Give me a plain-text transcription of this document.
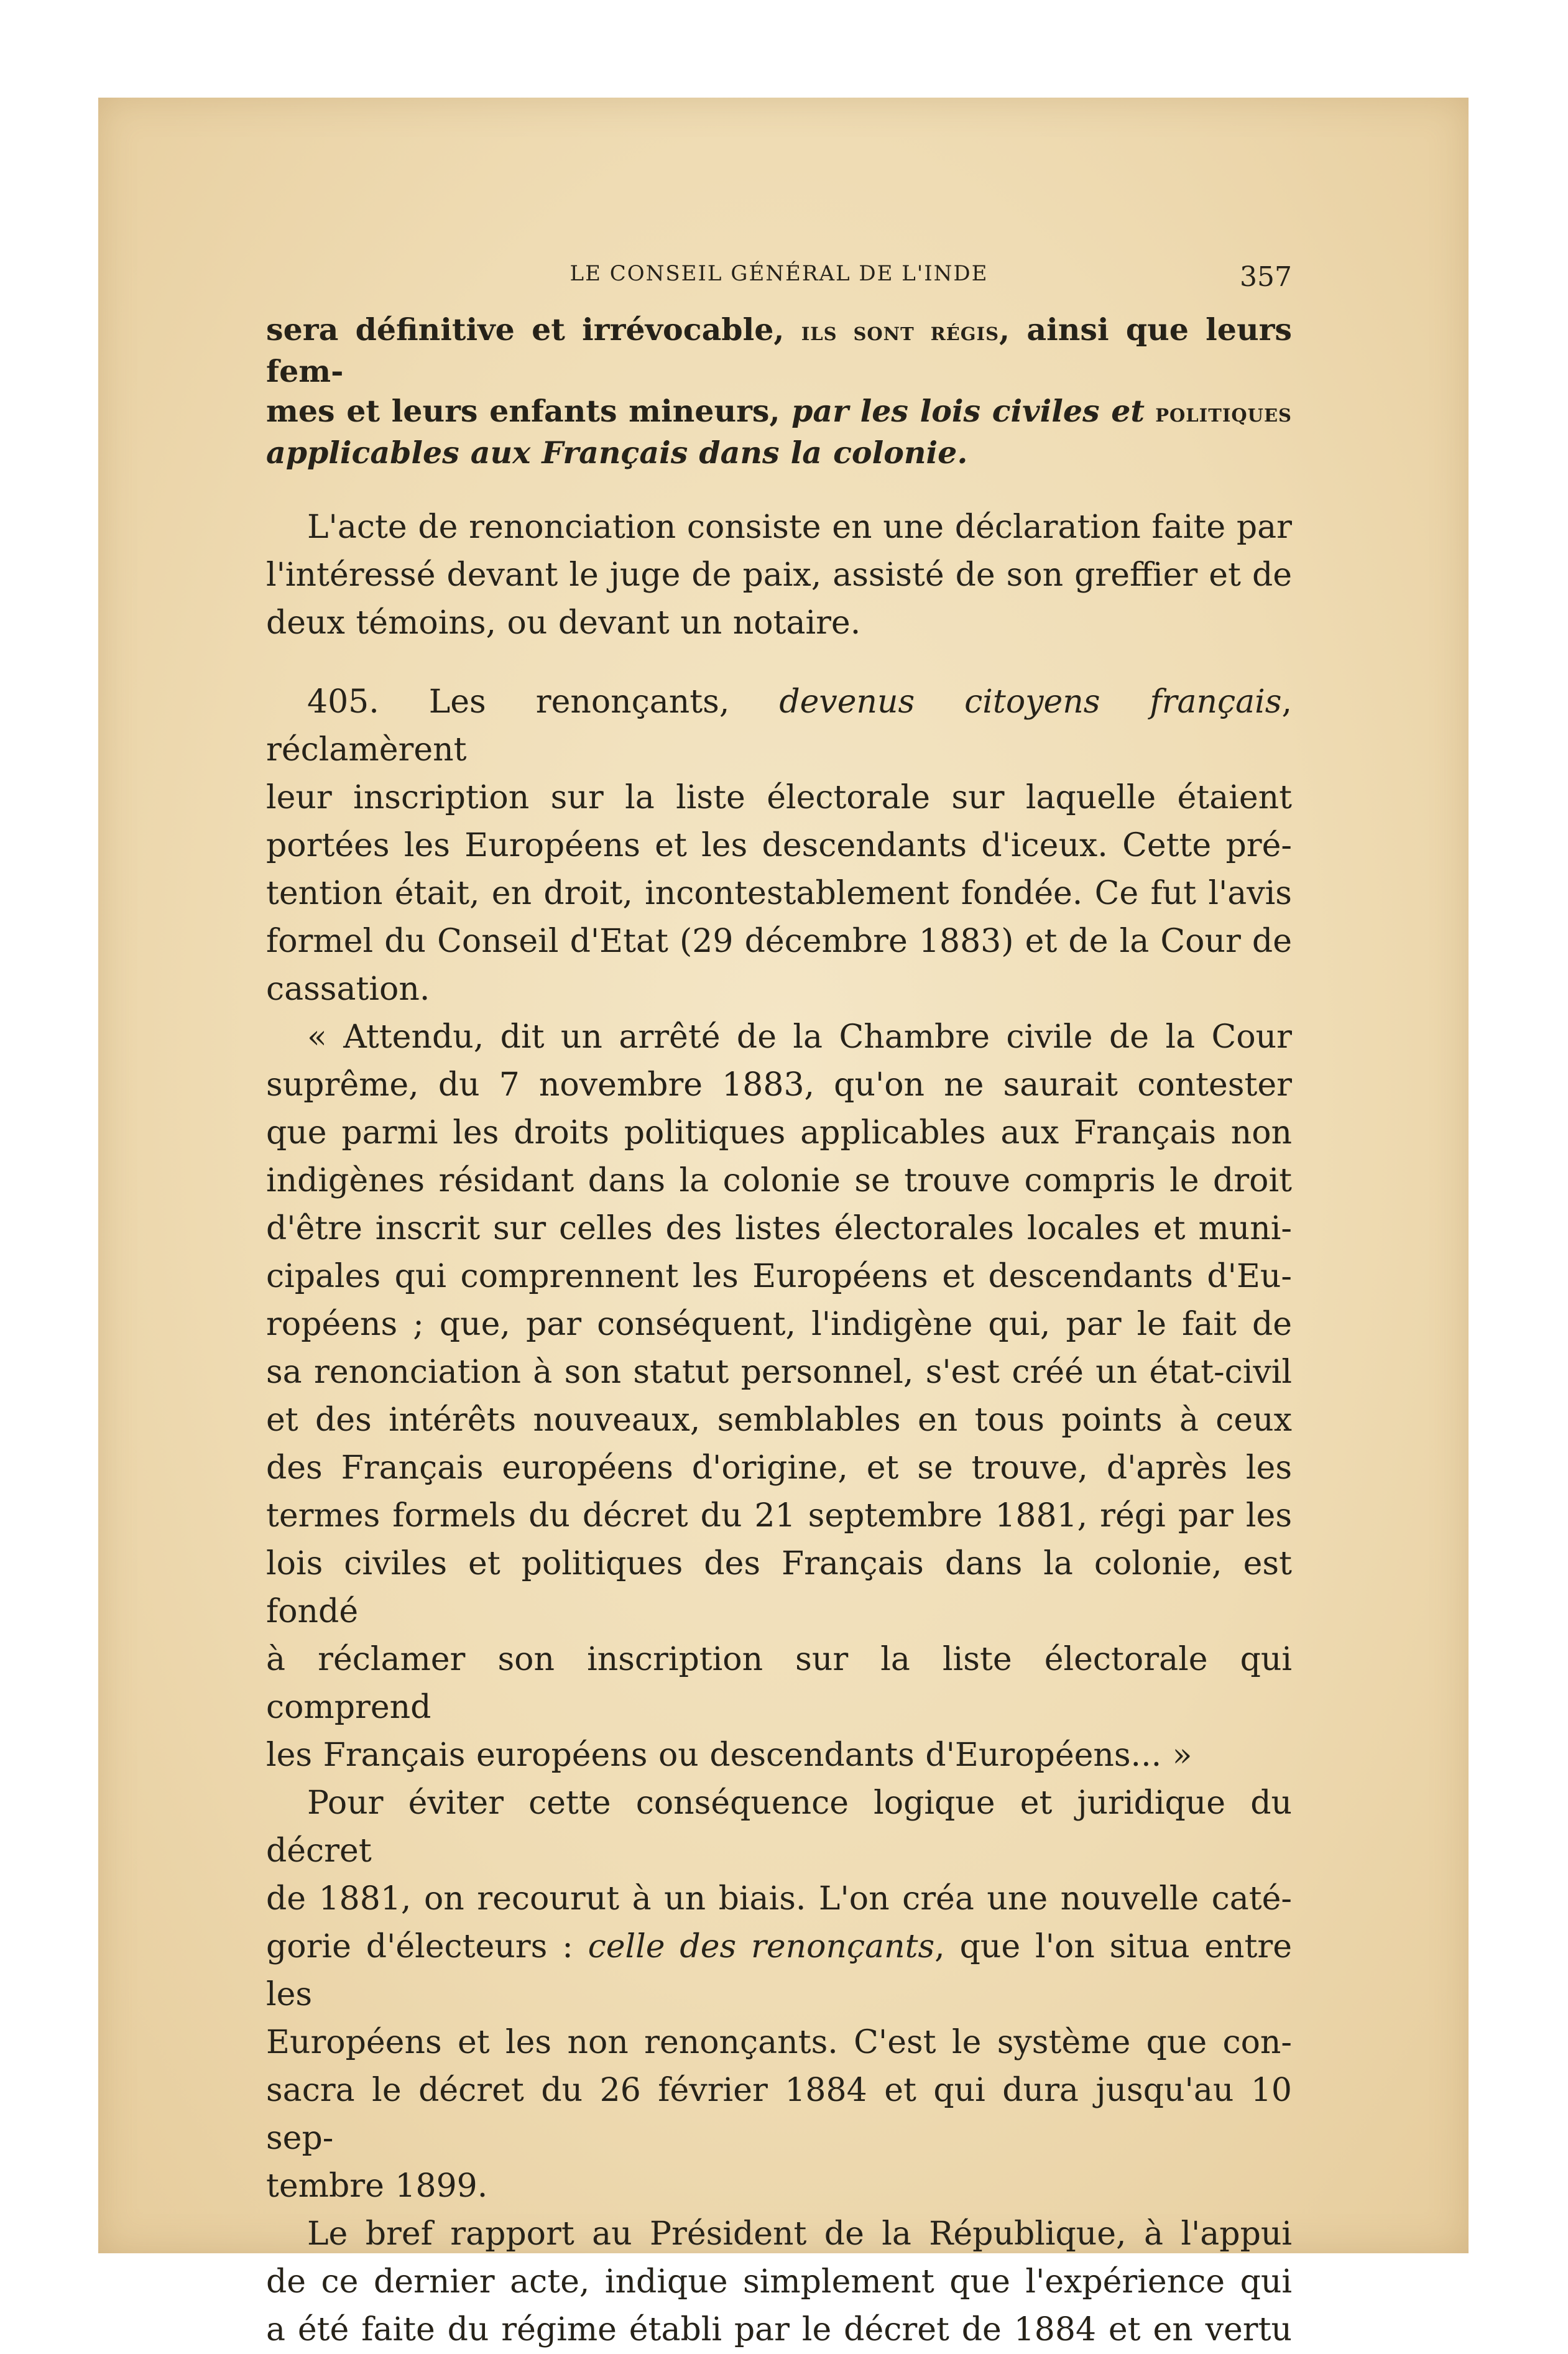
LE CONSEIL GÉNÉRAL DE L'INDE	357

sera définitive et irrévocable, ils sont régis, ainsi que leurs fem-

mes et leurs enfants mineurs, par les lois civiles et politiques

applicables aux Français dans la colonie.

L'acte de renonciation consiste en une déclaration faite par

l'intéressé devant le juge de paix, assisté de son greffier et de

deux témoins, ou devant un notaire.

405. Les renonçants, devenus citoyens français, réclamèrent

leur inscription sur la liste électorale sur laquelle étaient

portées les Européens et les descendants d'iceux. Cette pré-

tention était, en droit, incontestablement fondée. Ce fut l'avis

formel du Conseil d'Etat (29 décembre 1883) et de la Cour de

cassation.

« Attendu, dit un arrêté de la Chambre civile de la Cour

suprême, du 7 novembre 1883, qu'on ne saurait contester

que parmi les droits politiques applicables aux Français non

indigènes résidant dans la colonie se trouve compris le droit

d'être inscrit sur celles des listes électorales locales et muni-

cipales qui comprennent les Européens et descendants d'Eu-

ropéens ; que, par conséquent, l'indigène qui, par le fait de

sa renonciation à son statut personnel, s'est créé un état-civil

et des intérêts nouveaux, semblables en tous points à ceux

des Français européens d'origine, et se trouve, d'après les

termes formels du décret du 21 septembre 1881, régi par les

lois civiles et politiques des Français dans la colonie, est fondé

à réclamer son inscription sur la liste électorale qui comprend

les Français européens ou descendants d'Européens... »

Pour éviter cette conséquence logique et juridique du décret

de 1881, on recourut à un biais. L'on créa une nouvelle caté-

gorie d'électeurs : celle des renonçants, que l'on situa entre les

Européens et les non renonçants. C'est le système que con-

sacra le décret du 26 février 1884 et qui dura jusqu'au 10 sep-

tembre 1899.

Le bref rapport au Président de la République, à l'appui

de ce dernier acte, indique simplement que l'expérience qui

a été faite du régime établi par le décret de 1884 et en vertu
